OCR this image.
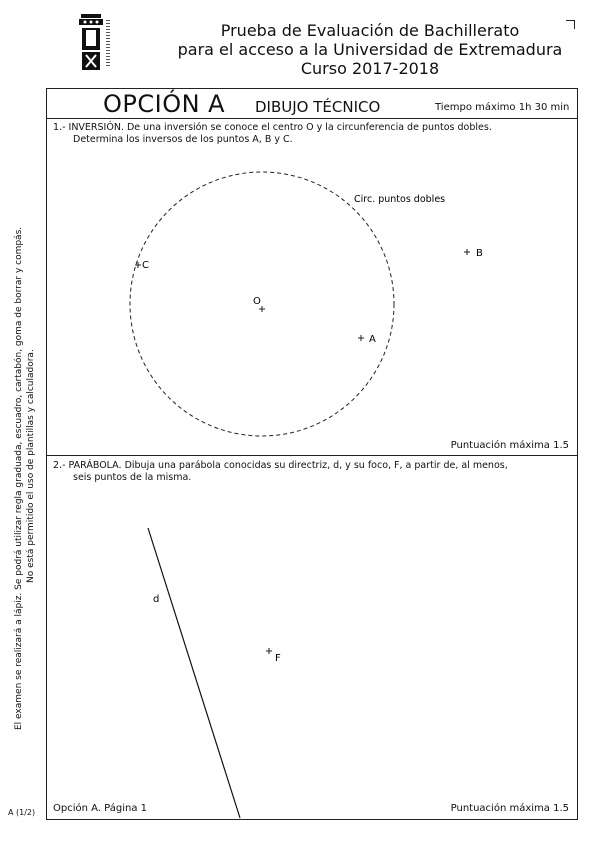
Prueba de Evaluación de Bachillerato
para el acceso a la Universidad de Extremadura
Curso 2017-2018
El examen se realizará a lápiz. Se podrá utilizar regla graduada, escuadro, cartabón, goma de borrar y compás. No está permitido el uso de plantillas y calculadora.
OPCIÓN A DIBUJO TÉCNICO	Tiempo máximo 1h 30 min
1.- INVERSIÓN. De una inversión se conoce el centro O y la circunferencia de puntos dobles.
Determina los inversos de los puntos A, B y C.
Puntuación máxima 1.5
2.- PARÁBOLA. Dibuja una parábola conocidas su directriz, d, y su foco, F, a partir de, al menos,
seis puntos de la misma.
Opción A. Página 1	Puntuación máxima 1.5
A (1/2)
O
A
B
C
Circ. puntos dobles
d
F
